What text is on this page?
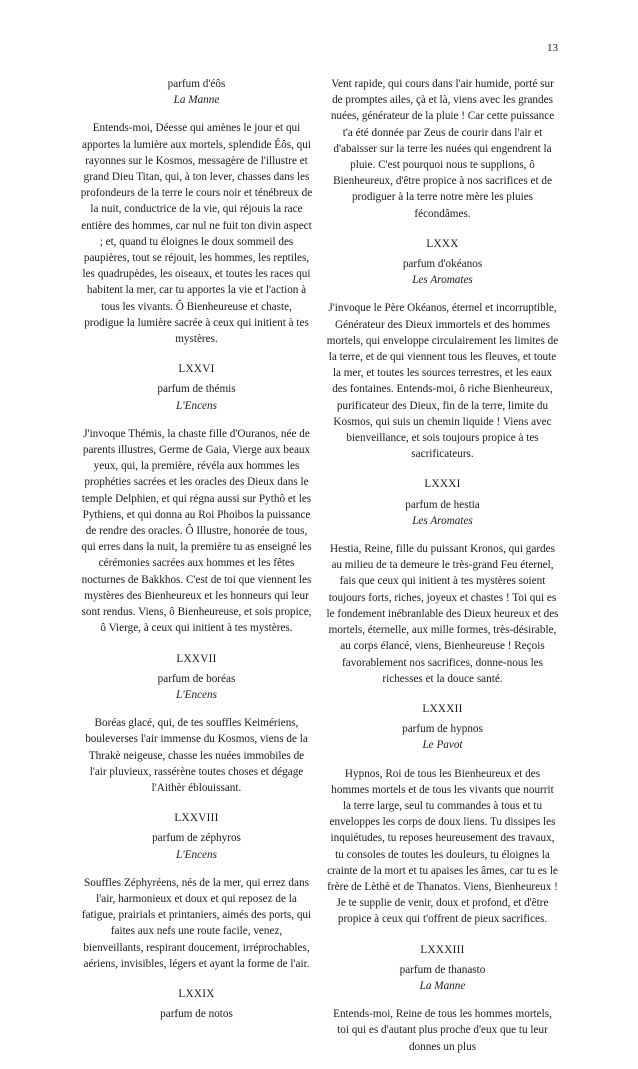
13

parfum d'éôs

La Manne

Entends-moi, Déesse qui amènes le jour et qui apportes la lumière aux mortels, splendide Éôs, qui rayonnes sur le Kosmos, messagère de l'illustre et grand Dieu Titan, qui, à ton lever, chasses dans les profondeurs de la terre le cours noir et ténébreux de la nuit, conductrice de la vie, qui réjouis la race entière des hommes, car nul ne fuit ton divin aspect ; et, quand tu éloignes le doux sommeil des paupières, tout se réjouit, les hommes, les reptiles, les quadrupèdes, les oiseaux, et toutes les races qui habitent la mer, car tu apportes la vie et l'action à tous les vivants. Ô Bienheureuse et chaste, prodigue la lumière sacrée à ceux qui initient à tes mystères.

LXXVI

parfum de thémis

L'Encens

J'invoque Thémis, la chaste fille d'Ouranos, née de parents illustres, Germe de Gaia, Vierge aux beaux yeux, qui, la première, révéla aux hommes les prophéties sacrées et les oracles des Dieux dans le temple Delphien, et qui régna aussi sur Pythô et les Pythiens, et qui donna au Roi Phoibos la puissance de rendre des oracles. Ô Illustre, honorée de tous, qui erres dans la nuit, la première tu as enseigné les cérémonies sacrées aux hommes et les fêtes nocturnes de Bakkhos. C'est de toi que viennent les mystères des Bienheureux et les honneurs qui leur sont rendus. Viens, ô Bienheureuse, et sois propice, ô Vierge, à ceux qui initient à tes mystères.

LXXVII

parfum de boréas

L'Encens

Boréas glacé, qui, de tes souffles Keimériens, bouleverses l'air immense du Kosmos, viens de la Thrakè neigeuse, chasse les nuées immobiles de l'air pluvieux, rassérène toutes choses et dégage l'Aithèr éblouissant.

LXXVIII

parfum de zéphyros

L'Encens

Souffles Zéphyréens, nés de la mer, qui errez dans l'air, harmonieux et doux et qui reposez de la fatigue, prairials et printaniers, aimés des ports, qui faites aux nefs une route facile, venez, bienveillants, respirant doucement, irréprochables, aériens, invisibles, légers et ayant la forme de l'air.

LXXIX

parfum de notos

Vent rapide, qui cours dans l'air humide, porté sur de promptes ailes, çà et là, viens avec les grandes nuées, générateur de la pluie ! Car cette puissance t'a été donnée par Zeus de courir dans l'air et d'abaisser sur la terre les nuées qui engendrent la pluie. C'est pourquoi nous te supplions, ô Bienheureux, d'être propice à nos sacrifices et de prodiguer à la terre notre mère les pluies fécondâmes.

LXXX

parfum d'okéanos

Les Aromates

J'invoque le Père Okéanos, éternel et incorruptible, Générateur des Dieux immortels et des hommes mortels, qui enveloppe circulairement les limites de la terre, et de qui viennent tous les fleuves, et toute la mer, et toutes les sources terrestres, et les eaux des fontaines. Entends-moi, ô riche Bienheureux, purificateur des Dieux, fin de la terre, limite du Kosmos, qui suis un chemin liquide ! Viens avec bienveillance, et sois toujours propice à tes sacrificateurs.

LXXXI

parfum de hestia

Les Aromates

Hestia, Reine, fille du puissant Kronos, qui gardes au milieu de ta demeure le très-grand Feu éternel, fais que ceux qui initient à tes mystères soient toujours forts, riches, joyeux et chastes ! Toi qui es le fondement inébranlable des Dieux heureux et des mortels, éternelle, aux mille formes, très-désirable, au corps élancé, viens, Bienheureuse ! Reçois favorablement nos sacrifices, donne-nous les richesses et la douce santé.

LXXXII

parfum de hypnos

Le Pavot

Hypnos, Roi de tous les Bienheureux et des hommes mortels et de tous les vivants que nourrit la terre large, seul tu commandes à tous et tu enveloppes les corps de doux liens. Tu dissipes les inquiétudes, tu reposes heureusement des travaux, tu consoles de toutes les douleurs, tu éloignes la crainte de la mort et tu apaises les âmes, car tu es le frère de Lèthè et de Thanatos. Viens, Bienheureux ! Je te supplie de venir, doux et profond, et d'être propice à ceux qui t'offrent de pieux sacrifices.

LXXXIII

parfum de thanasto

La Manne

Entends-moi, Reine de tous les hommes mortels, toi qui es d'autant plus proche d'eux que tu leur donnes un plus
